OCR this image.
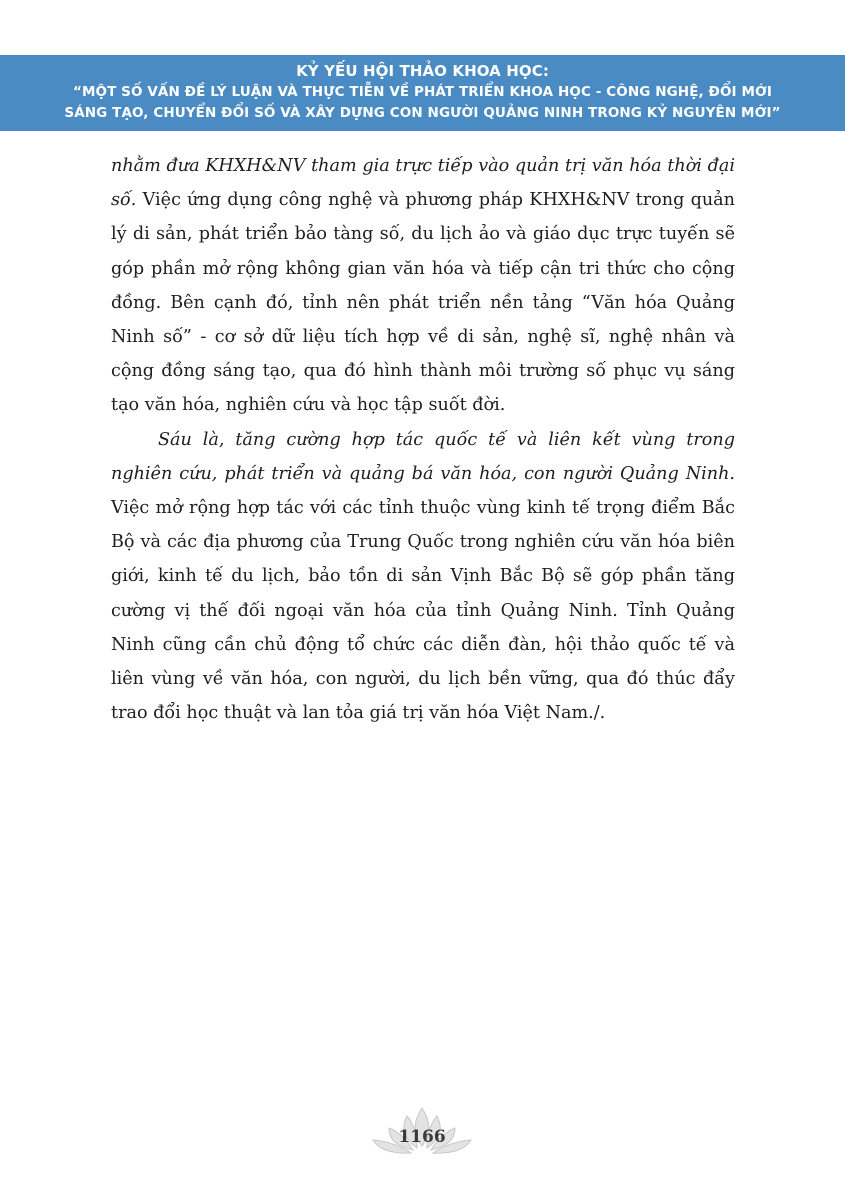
KỶ YẾU HỘI THẢO KHOA HỌC:
“MỘT SỐ VẤN ĐỀ LÝ LUẬN VÀ THỰC TIỄN VỀ PHÁT TRIỂN KHOA HỌC - CÔNG NGHỆ, ĐỔI MỚI
SÁNG TẠO, CHUYỂN ĐỔI SỐ VÀ XÂY DỰNG CON NGƯỜI QUẢNG NINH TRONG KỶ NGUYÊN MỚI”

nhằm đưa KHXH&NV tham gia trực tiếp vào quản trị văn hóa thời đại số. Việc ứng dụng công nghệ và phương pháp KHXH&NV trong quản lý di sản, phát triển bảo tàng số, du lịch ảo và giáo dục trực tuyến sẽ góp phần mở rộng không gian văn hóa và tiếp cận tri thức cho cộng đồng. Bên cạnh đó, tỉnh nên phát triển nền tảng “Văn hóa Quảng Ninh số” - cơ sở dữ liệu tích hợp về di sản, nghệ sĩ, nghệ nhân và cộng đồng sáng tạo, qua đó hình thành môi trường số phục vụ sáng tạo văn hóa, nghiên cứu và học tập suốt đời.

Sáu là, tăng cường hợp tác quốc tế và liên kết vùng trong nghiên cứu, phát triển và quảng bá văn hóa, con người Quảng Ninh. Việc mở rộng hợp tác với các tỉnh thuộc vùng kinh tế trọng điểm Bắc Bộ và các địa phương của Trung Quốc trong nghiên cứu văn hóa biên giới, kinh tế du lịch, bảo tồn di sản Vịnh Bắc Bộ sẽ góp phần tăng cường vị thế đối ngoại văn hóa của tỉnh Quảng Ninh. Tỉnh Quảng Ninh cũng cần chủ động tổ chức các diễn đàn, hội thảo quốc tế và liên vùng về văn hóa, con người, du lịch bền vững, qua đó thúc đẩy trao đổi học thuật và lan tỏa giá trị văn hóa Việt Nam./.

1166
